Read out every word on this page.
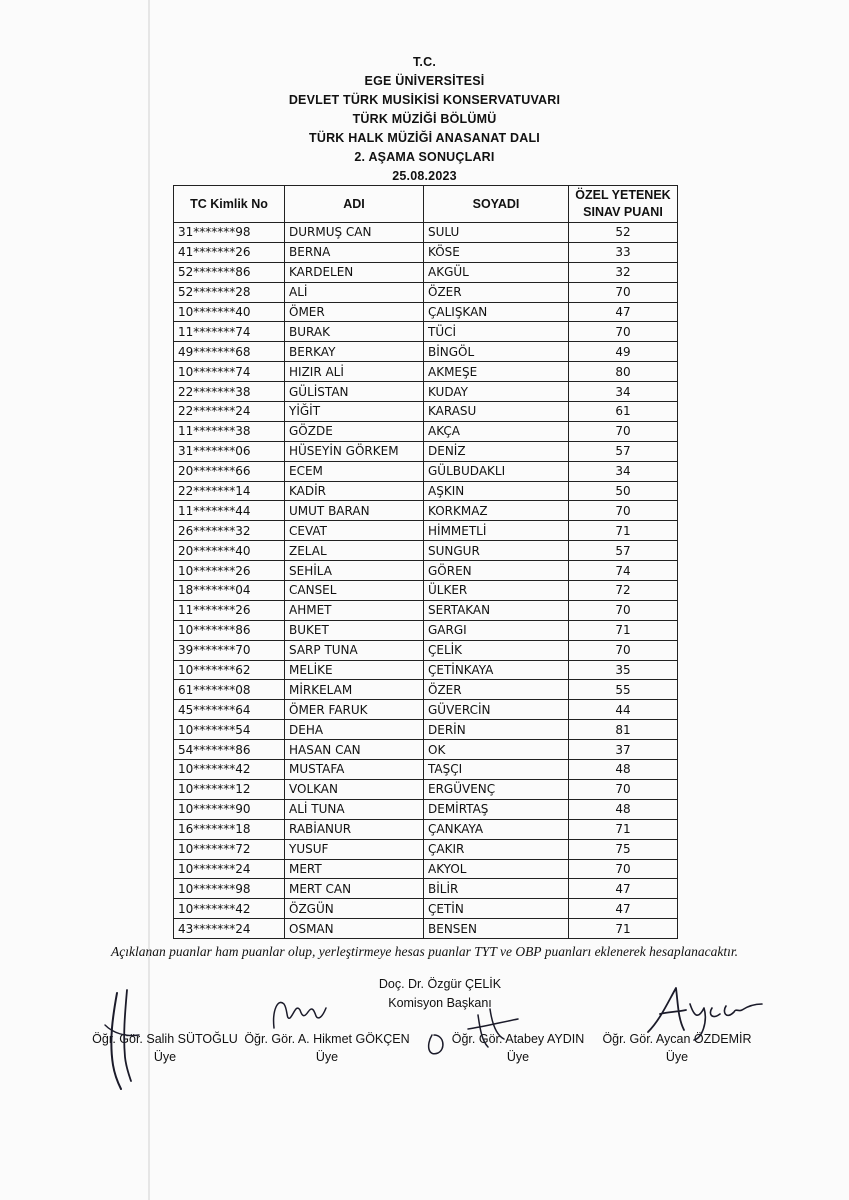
T.C.
EGE ÜNİVERSİTESİ
DEVLET TÜRK MUSİKİSİ KONSERVATUVARI
TÜRK MÜZİĞİ BÖLÜMÜ
TÜRK HALK MÜZİĞİ ANASANAT DALI
2. AŞAMA SONUÇLARI
25.08.2023
TC Kimlik No	ADI	SOYADI	ÖZEL YETENEK
SINAV PUANI
31*******98	DURMUŞ CAN	SULU	52
41*******26	BERNA	KÖSE	33
52*******86	KARDELEN	AKGÜL	32
52*******28	ALİ	ÖZER	70
10*******40	ÖMER	ÇALIŞKAN	47
11*******74	BURAK	TÜCİ	70
49*******68	BERKAY	BİNGÖL	49
10*******74	HIZIR ALİ	AKMEŞE	80
22*******38	GÜLİSTAN	KUDAY	34
22*******24	YİĞİT	KARASU	61
11*******38	GÖZDE	AKÇA	70
31*******06	HÜSEYİN GÖRKEM	DENİZ	57
20*******66	ECEM	GÜLBUDAKLI	34
22*******14	KADİR	AŞKIN	50
11*******44	UMUT BARAN	KORKMAZ	70
26*******32	CEVAT	HİMMETLİ	71
20*******40	ZELAL	SUNGUR	57
10*******26	SEHİLA	GÖREN	74
18*******04	CANSEL	ÜLKER	72
11*******26	AHMET	SERTAKAN	70
10*******86	BUKET	GARGI	71
39*******70	SARP TUNA	ÇELİK	70
10*******62	MELİKE	ÇETİNKAYA	35
61*******08	MİRKELAM	ÖZER	55
45*******64	ÖMER FARUK	GÜVERCİN	44
10*******54	DEHA	DERİN	81
54*******86	HASAN CAN	OK	37
10*******42	MUSTAFA	TAŞÇI	48
10*******12	VOLKAN	ERGÜVENÇ	70
10*******90	ALİ TUNA	DEMİRTAŞ	48
16*******18	RABİANUR	ÇANKAYA	71
10*******72	YUSUF	ÇAKIR	75
10*******24	MERT	AKYOL	70
10*******98	MERT CAN	BİLİR	47
10*******42	ÖZGÜN	ÇETİN	47
43*******24	OSMAN	BENSEN	71
Açıklanan puanlar ham puanlar olup, yerleştirmeye hesas puanlar TYT ve OBP puanları eklenerek hesaplanacaktır.
Doç. Dr. Özgür ÇELİK
Komisyon Başkanı
Öğr. Gör. Salih SÜTOĞLU
Üye
Öğr. Gör. A. Hikmet GÖKÇEN
Üye
Öğr. Gör. Atabey AYDIN
Üye
Öğr. Gör. Aycan ÖZDEMİR
Üye
